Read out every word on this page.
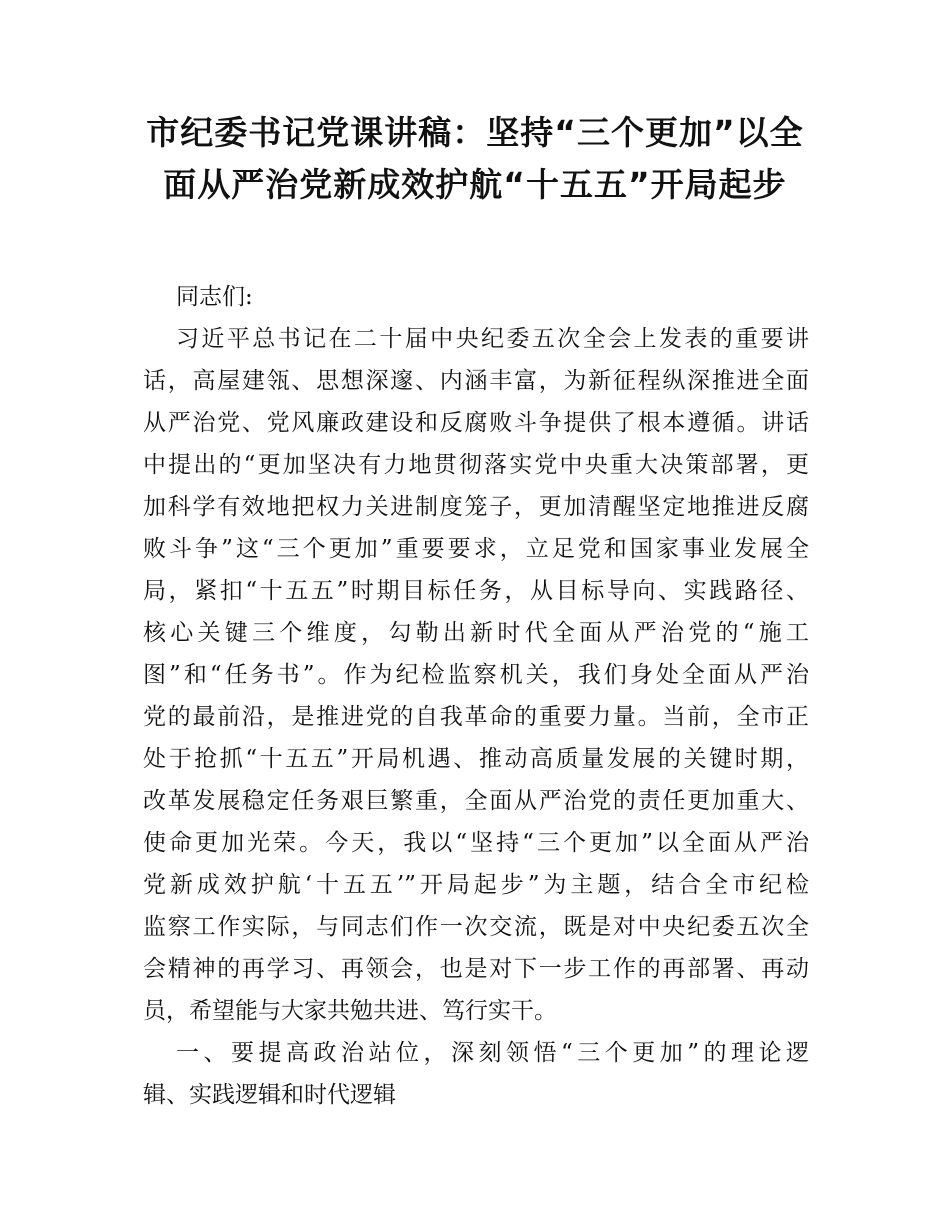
市纪委书记党课讲稿：坚持“三个更加”以全
面从严治党新成效护航“十五五”开局起步
同志们:
习近平总书记在二十届中央纪委五次全会上发表的重要讲
话，高屋建瓴、思想深邃、内涵丰富，为新征程纵深推进全面
从严治党、党风廉政建设和反腐败斗争提供了根本遵循。讲话
中提出的“更加坚决有力地贯彻落实党中央重大决策部署，更
加科学有效地把权力关进制度笼子，更加清醒坚定地推进反腐
败斗争”这“三个更加”重要要求，立足党和国家事业发展全
局，紧扣“十五五”时期目标任务，从目标导向、实践路径、
核心关键三个维度，勾勒出新时代全面从严治党的“施工
图”和“任务书”。作为纪检监察机关，我们身处全面从严治
党的最前沿，是推进党的自我革命的重要力量。当前，全市正
处于抢抓“十五五”开局机遇、推动高质量发展的关键时期，
改革发展稳定任务艰巨繁重，全面从严治党的责任更加重大、
使命更加光荣。今天，我以“坚持“三个更加”以全面从严治
党新成效护航‘十五五’”开局起步”为主题，结合全市纪检
监察工作实际，与同志们作一次交流，既是对中央纪委五次全
会精神的再学习、再领会，也是对下一步工作的再部署、再动
员，希望能与大家共勉共进、笃行实干。
一、要提高政治站位，深刻领悟“三个更加”的理论逻
辑、实践逻辑和时代逻辑
